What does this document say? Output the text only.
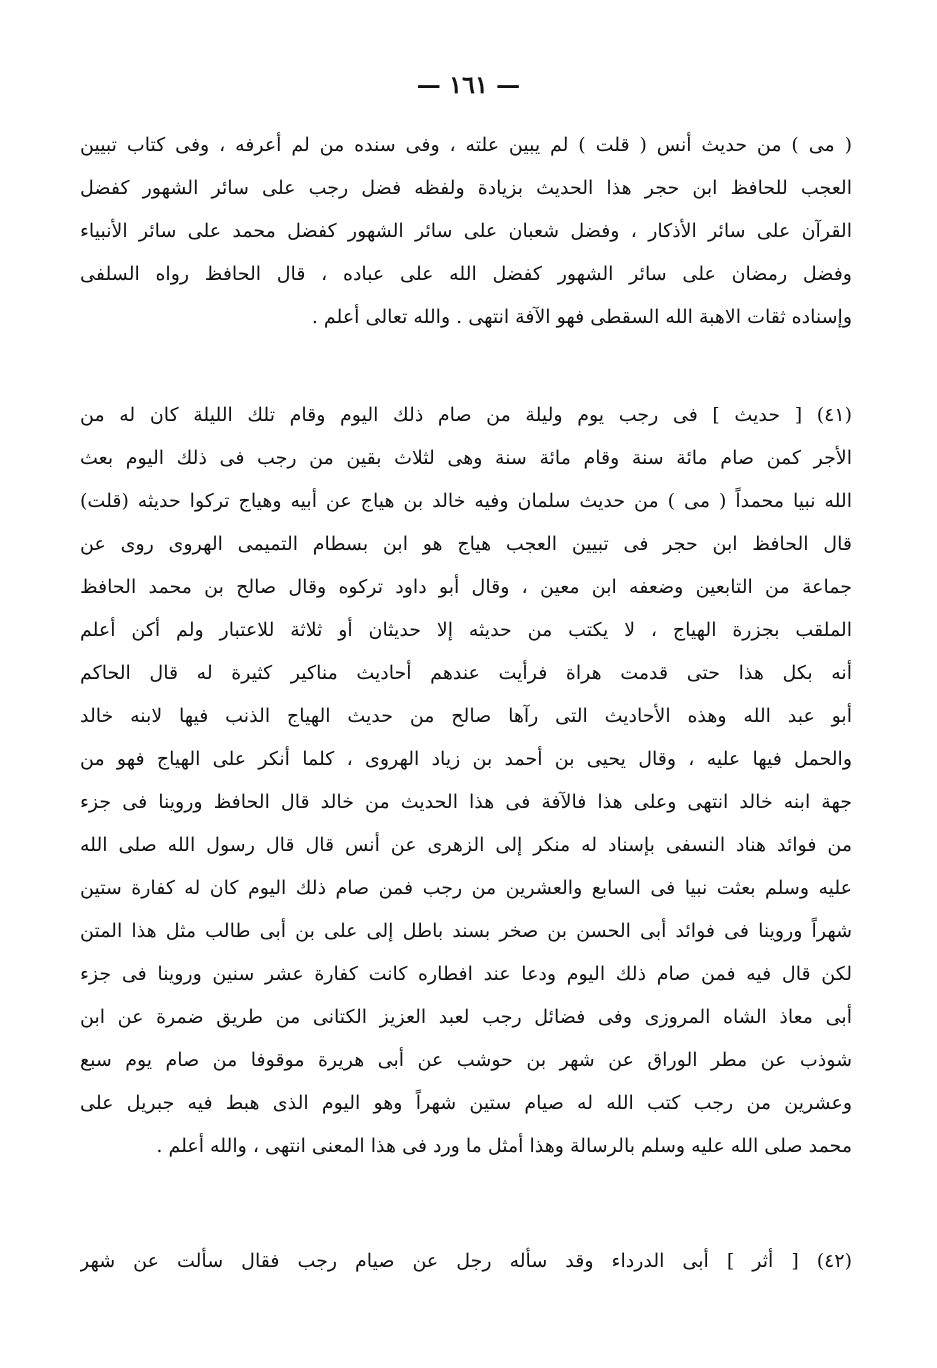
— ١٦١ —
( مى ) من حديث أنس ( قلت ) لم يبين علته ، وفى سنده من لم أعرفه ، وفى كتاب تبيين
العجب للحافظ ابن حجر هذا الحديث بزيادة ولفظه فضل رجب على سائر الشهور كفضل
القرآن على سائر الأذكار ، وفضل شعبان على سائر الشهور كفضل محمد على سائر الأنبياء
وفضل رمضان على سائر الشهور كفضل الله على عباده ، قال الحافظ رواه السلفى
وإسناده ثقات الاهبة الله السقطى فهو الآفة انتهى . والله تعالى أعلم .
(٤١) [ حديث ] فى رجب يوم وليلة من صام ذلك اليوم وقام تلك الليلة كان له من
الأجر كمن صام مائة سنة وقام مائة سنة وهى لثلاث بقين من رجب فى ذلك اليوم بعث
الله نبيا محمداً ( مى ) من حديث سلمان وفيه خالد بن هياج عن أبيه وهياج تركوا حديثه (قلت)
قال الحافظ ابن حجر فى تبيين العجب هياج هو ابن بسطام التميمى الهروى روى عن
جماعة من التابعين وضعفه ابن معين ، وقال أبو داود تركوه وقال صالح بن محمد الحافظ
الملقب بجزرة الهياج ، لا يكتب من حديثه إلا حديثان أو ثلاثة للاعتبار ولم أكن أعلم
أنه بكل هذا حتى قدمت هراة فرأيت عندهم أحاديث مناكير كثيرة له قال الحاكم
أبو عبد الله وهذه الأحاديث التى رآها صالح من حديث الهياج الذنب فيها لابنه خالد
والحمل فيها عليه ، وقال يحيى بن أحمد بن زياد الهروى ، كلما أنكر على الهياج فهو من
جهة ابنه خالد انتهى وعلى هذا فالآفة فى هذا الحديث من خالد قال الحافظ وروينا فى جزء
من فوائد هناد النسفى بإسناد له منكر إلى الزهرى عن أنس قال قال رسول الله صلى الله
عليه وسلم بعثت نبيا فى السابع والعشرين من رجب فمن صام ذلك اليوم كان له كفارة ستين
شهراً وروينا فى فوائد أبى الحسن بن صخر بسند باطل إلى على بن أبى طالب مثل هذا المتن
لكن قال فيه فمن صام ذلك اليوم ودعا عند افطاره كانت كفارة عشر سنين وروينا فى جزء
أبى معاذ الشاه المروزى وفى فضائل رجب لعبد العزيز الكتانى من طريق ضمرة عن ابن
شوذب عن مطر الوراق عن شهر بن حوشب عن أبى هريرة موقوفا من صام يوم سبع
وعشرين من رجب كتب الله له صيام ستين شهراً وهو اليوم الذى هبط فيه جبريل على
محمد صلى الله عليه وسلم بالرسالة وهذا أمثل ما ورد فى هذا المعنى انتهى ، والله أعلم .
(٤٢) [ أثر ] أبى الدرداء وقد سأله رجل عن صيام رجب فقال سألت عن شهر
